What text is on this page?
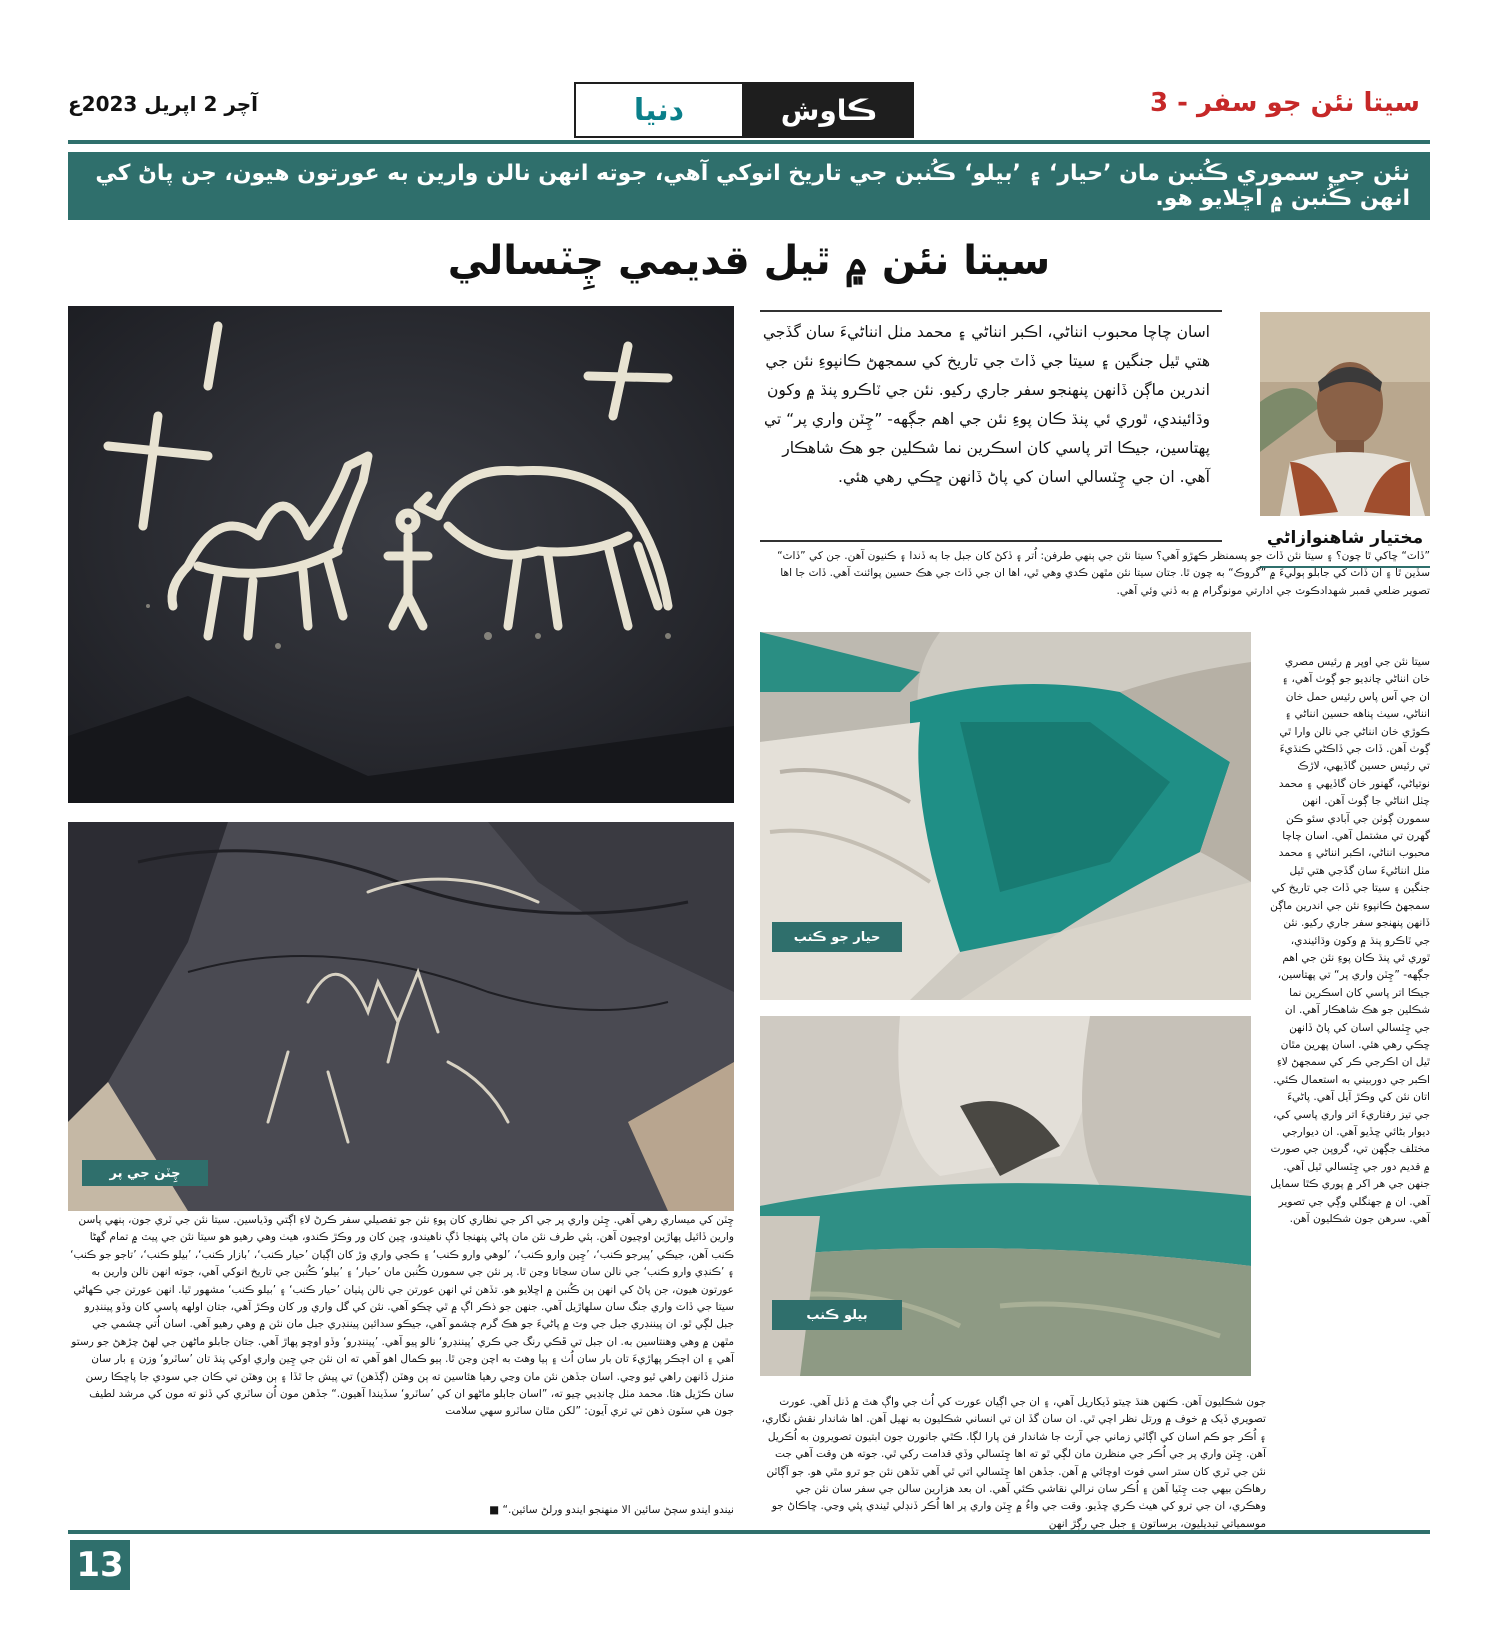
سيتا نئن جو سفر - 3
آچر 2 اپريل 2023ع	دنيا	ڪاوش
نئن جي سموري ڪُنبن مان ’حيار‘ ۽ ’بيلو‘ ڪُنبن جي تاريخ انوکي آهي، جوته انهن نالن وارين به عورتون هيون، جن پاڻ کي انهن ڪُنبن ۾ اڇلايو هو.
سيتا نئن ۾ ٿيل قديمي چِٽسالي
چِٽن جي پر
مختيار شاهنوازاڻي
اسان چاچا محبوب انناڻي، اڪبر انناڻي ۽ محمد مٺل انناڻيءَ سان گڏجي هتي ٿيل جنگين ۽ سيتا جي ڏاٽ جي تاريخ کي سمجهڻ ڪانپوءِ نئن جي اندرين ماڳن ڏانهن پنهنجو سفر جاري رکيو. نئن جي ٽاڪرو پنڌ ۾ وکون وڌائيندي، ٿوري ئي پنڌ ڪان پوءِ نئن جي اهم جڳهه- ”چِٽن واري پر“ تي پهتاسين، جيڪا اتر پاسي کان اسڪرين نما شڪلين جو هڪ شاهڪار آهي. ان جي چِٽسالي اسان کي پاڻ ڏانهن ڇڪي رهي هئي.
”ڏاٽ“ ڇاکي ٿا چون؟ ۽ سيتا نئن ڏاٽ جو پسمنظر ڪهڙو آهي؟ سيتا نئن جي ٻنهي طرفن: اُتر ۽ ڏکڻ کان جبل جا ٻه ڏندا ۽ ڪنيون آهن. جن کي ”ڏاٽ“ سڏين ٿا ۽ ان ڏاٽ کي جابلو ٻوليءَ ۾ ”گروڪ“ به چون ٿا. جتان سيتا نئن مٿهن ڪدي وهي ٿي، اها ان جي ڏاٽ جي هڪ حسين پوائنٽ آهي. ڏاٽ جا اها تصوير ضلعي قمبر شهدادڪوٽ جي ادارتي مونوگرام ۾ به ڏني وئي آهي.
حيار جو ڪنب
بيلو ڪنب
سيتا نئن جي اوپر ۾ رئيس مصري خان انناڻي چانڊيو جو ڳوٺ آهي، ۽ ان جي آس پاس رئيس حمل خان انناڻي، سيٺ پناهه حسين انناڻي ۽ ڪوڙي خان انناڻي جي نالن وارا ٿي ڳوٺ آهن. ڏاٽ جي ڏاڪڻي ڪنڌيءَ تي رئيس حسين گاڏيهي، لاڙڪ نوتياڻي، گهنور خان گاڏيهي ۽ محمد چٺل انناڻي جا ڳوٺ آهن. انهن سمورن ڳوٺن جي آبادي سئو ڪن گهرن تي مشتمل آهي. اسان چاچا محبوب انناڻي، اڪبر انناڻي ۽ محمد مٺل انناڻيءَ سان گڏجي هتي ٿيل جنگين ۽ سيتا جي ڏاٽ جي تاريخ کي سمجهڻ ڪانپوءِ نئن جي اندرين ماڳن ڏانهن پنهنجو سفر جاري رکيو. نئن جي ٽاڪرو پنڌ ۾ وکون وڌائيندي، ٿوري ئي پنڌ ڪان پوءِ نئن جي اهم جڳهه- ”چِٽن واري پر“ تي پهتاسين، جيڪا اتر پاسي کان اسڪرين نما شڪلين جو هڪ شاهڪار آهي. ان جي چِٽسالي اسان کي پاڻ ڏانهن ڇڪي رهي هئي. اسان پهرين مٿان ٿيل ان اڪرجي ڪر کي سمجهڻ لاءِ اڪبر جي دوربيني به استعمال ڪئي. اتان نئن کي وڪڙ آيل آهي. پاڻيءَ جي تيز رفتاريءَ اتر واري پاسي کي، ديوار بڻائي ڇڏيو آهي. ان ديوارجي مختلف جڳهن تي، گروپن جي صورت ۾ قديم دور جي چِٽسالي ٿيل آهي. جنهن جي هر اکر ۾ پوري ڪٿا سمايل آهي. ان ۾ جهنگلي وڳي جي تصوير آهي. سرهن جون شڪليون آهن.
چِٽن کي ميساري رهي آهي. چِٽن واري پر جي اکر جي نظاري کان پوءِ نئن جو تفصيلي سفر ڪرڻ لاءِ اڳتي وڌياسين. سيتا نئن جي ٽري جون، ٻنهي پاسن وارين ڏائيل پهاڙين اوچيون آهن. ٻئي طرف نئن مان پاڻي پنهنجا ڏڳ ناهيندو، ڇين کان ور وڪڙ ڪندو، هيٺ وهي رهيو هو سيتا نئن جي پيٽ ۾ تمام گهڻا ڪنب آهن، جيڪي ’پيرجو ڪنب‘، ’چِين وارو ڪنب‘، ’لوهي وارو ڪنب‘ ۽ ڪجي واري وڙ کان اڳيان ’حيار ڪنب‘، ’بازار ڪنب‘، ’بيلو ڪنب‘، ’تاجو جو ڪنب‘ ۽ ’ڪنڊي وارو ڪنب‘ جي نالن سان سڃاتا وڃن ٿا. پر نئن جي سمورن ڪُنبن مان ’حيار‘ ۽ ’بيلو‘ ڪُنبن جي تاريخ انوکي آهي، جوته انهن نالن وارين به عورتون هيون، جن پاڻ کي انهن ٻن ڪُنبن ۾ اڇلايو هو. تڏهن ئي انهن عورتن جي نالن پٺيان ’حيار ڪنب‘ ۽ ’بيلو ڪنب‘ مشهور ٿيا. انهن عورتن جي ڪهاڻي سيتا جي ڏاٽ واري جنگ سان سلهاڙيل آهي. جنهن جو ذڪر اڳ ۾ ٿي چڪو آهي. نئن کي گل واري ور کان وڪڙ آهي، جتان اولهه پاسي کان وڏو پيننڊرو جبل لڳي ٿو. ان پيننڊري جبل جي وٽ ۾ پاڻيءَ جو هڪ گرم چشمو آهي، جيڪو سدائين پيننڊري جبل مان نئن ۾ وهي رهيو آهي. اسان اُتي چشمي جي مٿهن ۾ وهي وهنتاسين به. ان جبل تي ڦڪي رنگ جي ڪري ’پيننڊرو‘ نالو پيو آهي. ’پيننڊرو‘ وڏو اوچو پهاڙ آهي. جتان جابلو ماڻهن جي لهڻ چڙهڻ جو رستو آهي ۽ ان اڄڪر پهاڙيءَ تان بار سان اُٺ ۽ ٻيا وهٽ به اچن وڃن ٿا. ٻيو ڪمال اهو آهي ته ان نئن جي چِين واري اوکي پنڌ تان ’ساٽرو‘ وزن ۽ بار سان منزل ڏانهن راهي ٿيو وڃي. اسان جڏهن نئن مان وڃي رهيا هئاسين ته ٻن وهٽن (ڳڏهن) تي پيش جا ٿڏا ۽ ٻن وهٽن تي ڪان جي سودي جا پاڇڪا رسن سان ڪڙيل هئا. محمد مٺل چانڊيي چيو ته، ”اسان جابلو ماڻهو ان کي ’ساٽرو‘ سڏيندا آهيون.“ جڏهن مون اُن ساٽري کي ڏٺو ته مون کي مرشد لطيف جون هي سٽون ذهن تي تري آيون: ”لکن مٿان ساٽرو سهي سلامت
نيندو ايندو سڄڻ سائين الا منهنجو ايندو ورلڻ سائين.“ ■
جون شڪليون آهن. ڪنهن هنڌ چيتو ڏيکاريل آهي، ۽ ان جي اڳيان عورت کي اُٺ جي واڳ هٿ ۾ ڏنل آهي. عورت تصويري ڏيک ۾ خوف ۾ ورتل نظر اچي ٿي. ان سان گڏ ان تي انساني شڪليون به نهيل آهن. اها شاندار نقش نگاري، ۽ اُڪر جو ڪم اسان کي اڳاٽي زماني جي آرٽ جا شاندار فن پارا لڳا. ڪٿي جانورن جون ابتيون تصويرون به اُڪريل آهن. چِٽن واري پر جي اُڪر جي منظرن مان لڳي ٿو ته اها چِٽسالي وڏي قدامت رکي ٿي. جوته هن وقت آهي جت نئن جي ٽري کان ستر اسي فوٽ اوچائي ۾ آهن. جڏهن اها چِٽسالي اتي ٿي آهي تڏهن نئن جو ترو مٿي هو. جو آڳاٽن رهاڪن بيهي جت چِٽيا آهن ۽ اُڪر سان نرالي نقاشي ڪئي آهي. ان بعد هزارين سالن جي سفر سان نئن جي وهڪري، ان جي ترو کي هيٺ ڪري ڇڏيو. وقت جي واءُ ۾ چِٽن واري پر اها اُڪر ڏنڊلي ٿيندي پئي وڃي. ڇاڪاڻ جو موسمياتي تبديليون، برساتون ۽ جبل جي رڳڙ انهن
13
